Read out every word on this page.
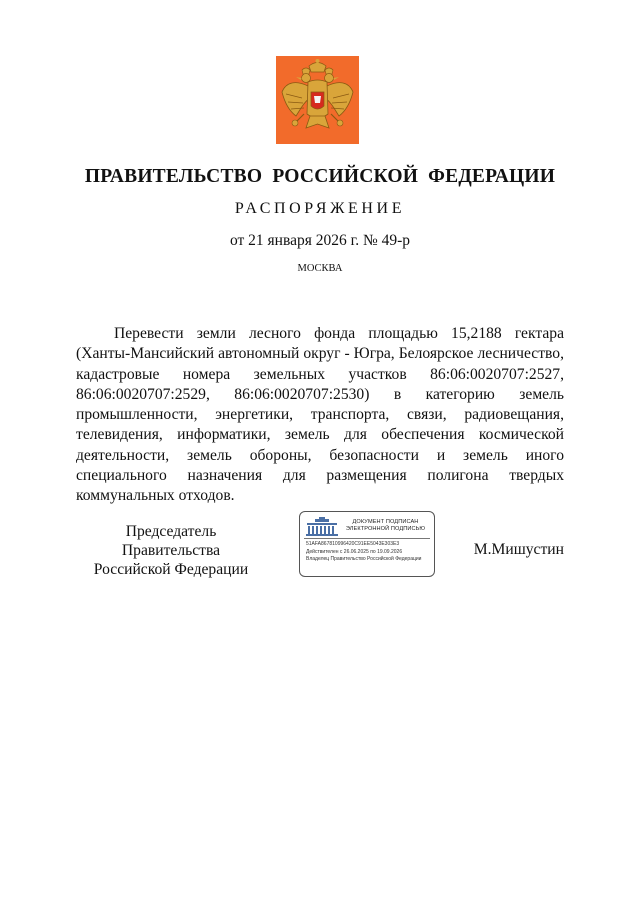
ПРАВИТЕЛЬСТВО РОССИЙСКОЙ ФЕДЕРАЦИИ
РАСПОРЯЖЕНИЕ
от 21 января 2026 г. № 49-р
МОСКВА

Перевести земли лесного фонда площадью 15,2188 гектара (Ханты-Мансийский автономный округ - Югра, Белоярское лесничество, кадастровые номера земельных участков 86:06:0020707:2527, 86:06:0020707:2529, 86:06:0020707:2530) в категорию земель промышленности, энергетики, транспорта, связи, радиовещания, телевидения, информатики, земель для обеспечения космической деятельности, земель обороны, безопасности и земель иного специального назначения для размещения полигона твердых коммунальных отходов.

Председатель Правительства
Российской Федерации
ДОКУМЕНТ ПОДПИСАН
ЭЛЕКТРОННОЙ ПОДПИСЬЮ
51AFA867810996420C91EE5043E303E3
Действителен с 26.06.2025 по 19.09.2026
Владелец Правительство Российской Федерации
М.Мишустин
